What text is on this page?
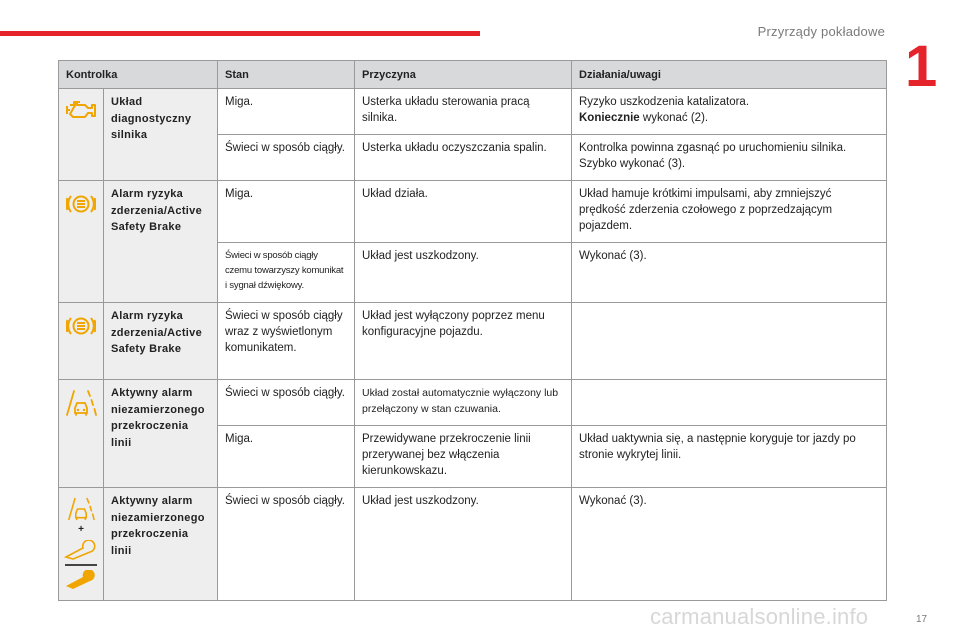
Przyrządy pokładowe
1
Kontrolka		Stan	Przyczyna	Działania/uwagi

	Układ diagnostyczny silnika	Miga.	Usterka układu sterowania pracą silnika.	Ryzyko uszkodzenia katalizatora.
Koniecznie wykonać (2).
		Świeci w sposób ciągły.	Usterka układu oczyszczania spalin.	Kontrolka powinna zgasnąć po uruchomieniu silnika. Szybko wykonać (3).

	Alarm ryzyka zderzenia/Active Safety Brake	Miga.	Układ działa.	Układ hamuje krótkimi impulsami, aby zmniejszyć prędkość zderzenia czołowego z poprzedzającym pojazdem.
		Świeci w sposób ciągły czemu towarzyszy komunikat i sygnał dźwiękowy.	Układ jest uszkodzony.	Wykonać (3).

	Alarm ryzyka zderzenia/Active Safety Brake	Świeci w sposób ciągły wraz z wyświetlonym komunikatem.	Układ jest wyłączony poprzez menu konfiguracyjne pojazdu.	

	Aktywny alarm niezamierzonego przekroczenia linii	Świeci w sposób ciągły.	Układ został automatycznie wyłączony lub przełączony w stan czuwania.	
		Miga.	Przewidywane przekroczenie linii przerywanej bez włączenia kierunkowskazu.	Układ uaktywnia się, a następnie koryguje tor jazdy po stronie wykrytej linii.

+	Aktywny alarm niezamierzonego przekroczenia linii	Świeci w sposób ciągły.	Układ jest uszkodzony.	Wykonać (3).
carmanualsonline.info	17
